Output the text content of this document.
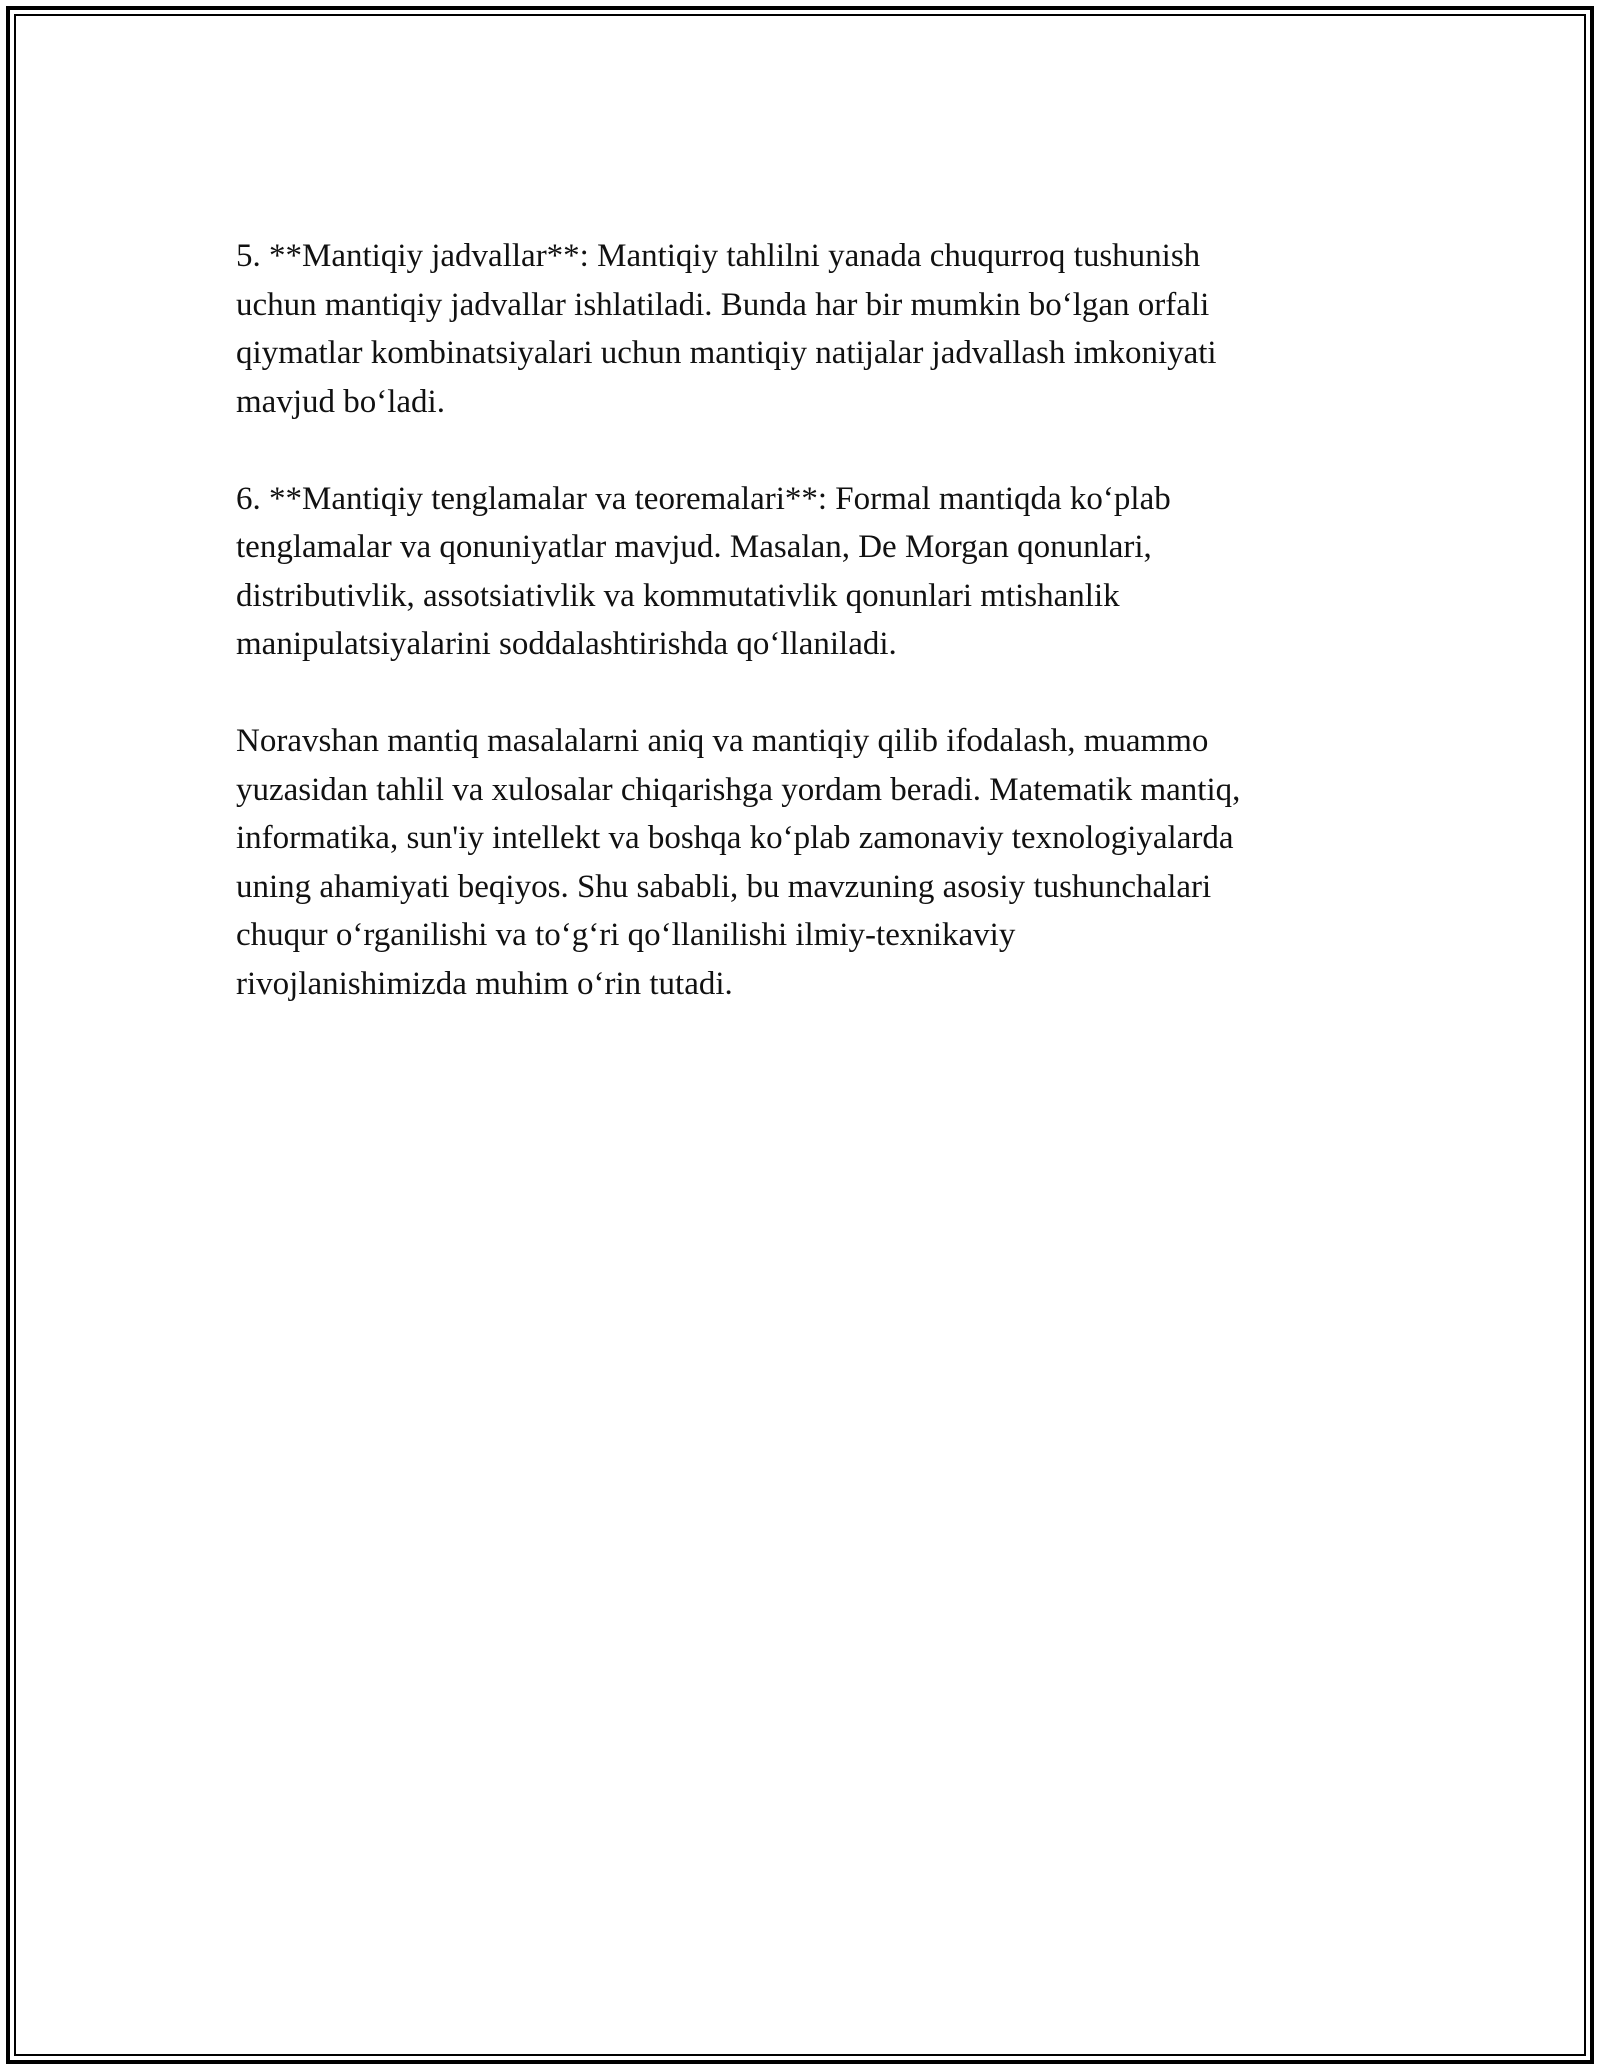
5. **Mantiqiy jadvallar**: Mantiqiy tahlilni yanada chuqurroq tushunish
uchun mantiqiy jadvallar ishlatiladi. Bunda har bir mumkin bo‘lgan orfali
qiymatlar kombinatsiyalari uchun mantiqiy natijalar jadvallash imkoniyati
mavjud bo‘ladi.

6. **Mantiqiy tenglamalar va teoremalari**: Formal mantiqda ko‘plab
tenglamalar va qonuniyatlar mavjud. Masalan, De Morgan qonunlari,
distributivlik, assotsiativlik va kommutativlik qonunlari mtishanlik
manipulatsiyalarini soddalashtirishda qo‘llaniladi.

Noravshan mantiq masalalarni aniq va mantiqiy qilib ifodalash, muammo
yuzasidan tahlil va xulosalar chiqarishga yordam beradi. Matematik mantiq,
informatika, sun'iy intellekt va boshqa ko‘plab zamonaviy texnologiyalarda
uning ahamiyati beqiyos. Shu sababli, bu mavzuning asosiy tushunchalari
chuqur o‘rganilishi va to‘g‘ri qo‘llanilishi ilmiy-texnikaviy
rivojlanishimizda muhim o‘rin tutadi.
